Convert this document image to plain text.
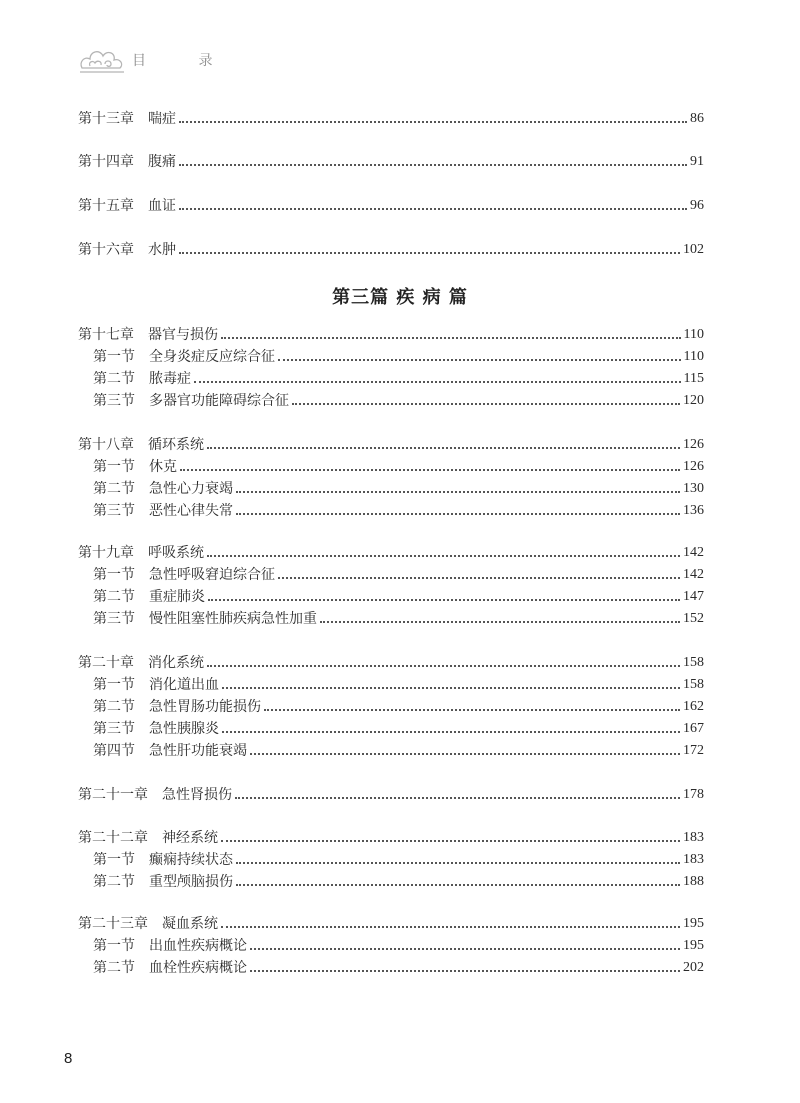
目 录
第三篇 疾 病 篇
第十三章 喘症	86
第十四章 腹痛	91
第十五章 血证	96
第十六章 水肿	102
第十七章 器官与损伤	110
第一节 全身炎症反应综合征	110
第二节 脓毒症	115
第三节 多器官功能障碍综合征	120
第十八章 循环系统	126
第一节 休克	126
第二节 急性心力衰竭	130
第三节 恶性心律失常	136
第十九章 呼吸系统	142
第一节 急性呼吸窘迫综合征	142
第二节 重症肺炎	147
第三节 慢性阻塞性肺疾病急性加重	152
第二十章 消化系统	158
第一节 消化道出血	158
第二节 急性胃肠功能损伤	162
第三节 急性胰腺炎	167
第四节 急性肝功能衰竭	172
第二十一章 急性肾损伤	178
第二十二章 神经系统	183
第一节 癫痫持续状态	183
第二节 重型颅脑损伤	188
第二十三章 凝血系统	195
第一节 出血性疾病概论	195
第二节 血栓性疾病概论	202
8
